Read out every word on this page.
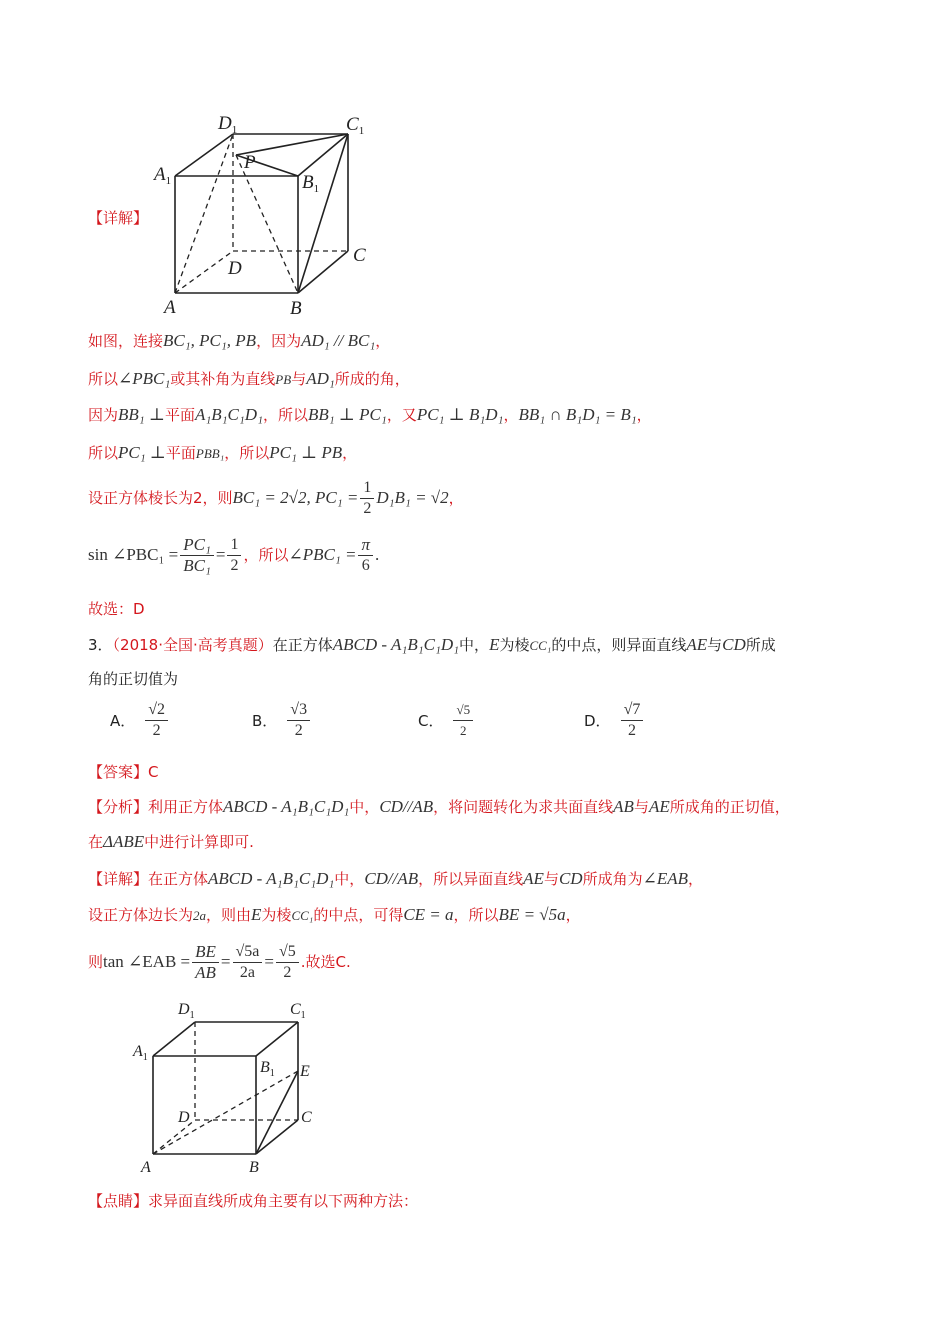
$D_1$	$C_1$
$A_1$	$B_1$
P
D
C
A	B
【详解】
如图，连接BC₁, PC₁, PB，因为AD₁ // BC₁，
所以∠PBC₁或其补角为直线PB与AD₁所成的角，
因为BB₁ ⊥平面A₁B₁C₁D₁，所以BB₁ ⊥ PC₁，又PC₁ ⊥ B₁D₁，BB₁ ∩ B₁D₁ = B₁，
所以PC₁ ⊥平面PBB₁，所以PC₁ ⊥ PB，
设正方体棱长为2，则BC₁ = 2√2, $PC_1 = \frac{1}{2} D_1B_1 = √2$，
sin ∠PBC₁ = $\frac{\text{PC₁}}{\text{BC₁}} = \frac{1}{2}$ ，所以∠PBC₁ = $\frac{\pi}{6}$ .
故选：D
3．（2018·全国·高考真题）在正方体ABCD - A₁B₁C₁D₁中，E为棱CC₁的中点，则异面直线AE与CD所成
角的正切值为
A． $\frac{√2}{2}$	B． $\frac{√3}{2}$	C． $\frac{√5}{2}$	D． $\frac{√7}{2}$
【答案】C
【分析】利用正方体ABCD - A₁B₁C₁D₁中，CD//AB，将问题转化为求共面直线AB与AE所成角的正切值，
在ΔABE中进行计算即可.
【详解】在正方体ABCD - A₁B₁C₁D₁中，CD//AB，所以异面直线AE与CD所成角为∠EAB，
设正方体边长为2a，则由E为棱CC₁的中点，可得CE = a，所以BE = √5a，
则tan ∠EAB = $\frac{BE}{AB} = \frac{√5a}{2a} = \frac{√5}{2}$ .故选C.
$D_1$	$C_1$
$A_1$
$B_1$ E
D	C
A	B
【点睛】求异面直线所成角主要有以下两种方法：
